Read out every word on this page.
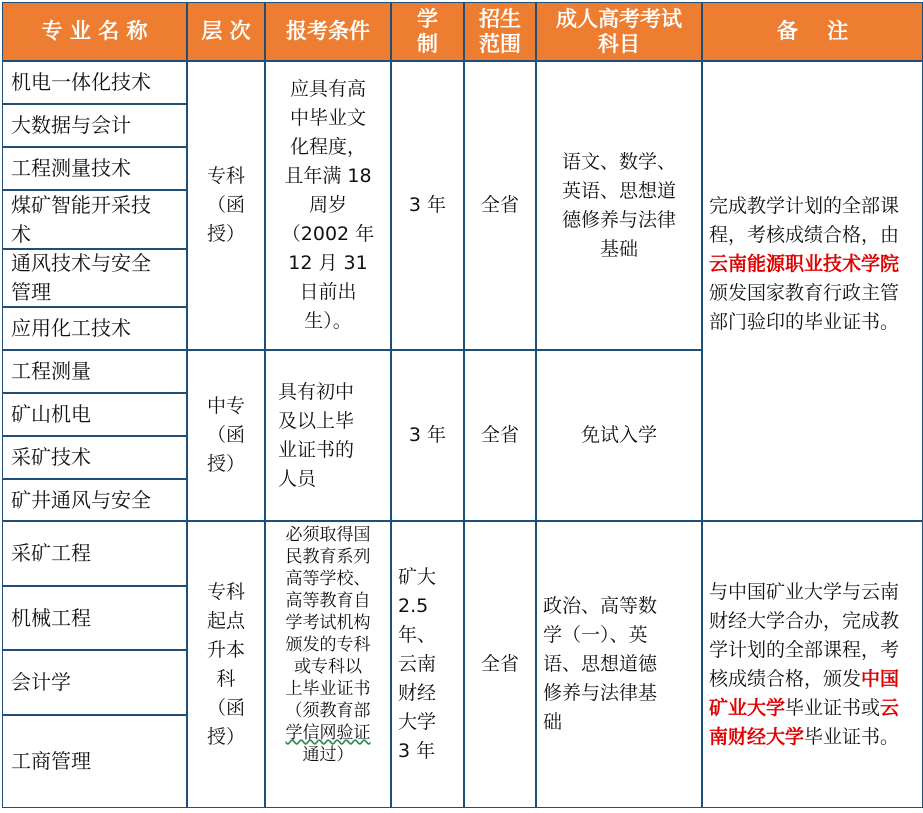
专 业 名 称	层 次 报考条件
学
制
招生
范围
成人高考考试
科目
备    注
机电一体化技术
大数据与会计
工程测量技术
煤矿智能开采技
术
通风技术与安全
管理
应用化工技术
专科
（函
授）
应具有高
中毕业文
化程度，
且年满 18
周岁
（2002 年
12 月 31
日前出
生）。
3 年 全省
语文、数学、
英语、思想道
德修养与法律
基础
完成教学计划的全部课程，考核成绩合格，由云南能源职业技术学院颁发国家教育行政主管部门验印的毕业证书。
工程测量
矿山机电
采矿技术
矿井通风与安全
中专
（函
授）
具有初中
及以上毕
业证书的
人员
3 年 全省	免试入学
采矿工程
机械工程
会计学
工商管理
专科
起点
升本
科
（函
授）
必须取得国
民教育系列
高等学校、
高等教育自
学考试机构
颁发的专科
或专科以
上毕业证书
（须教育部
学信网验证
通过）
矿大
2.5
年、
云南
财经
大学
3 年
全省
政治、高等数
学（一）、英
语、思想道德
修养与法律基
础
与中国矿业大学与云南财经大学合办，完成教学计划的全部课程，考核成绩合格，颁发中国矿业大学毕业证书或云南财经大学毕业证书。
